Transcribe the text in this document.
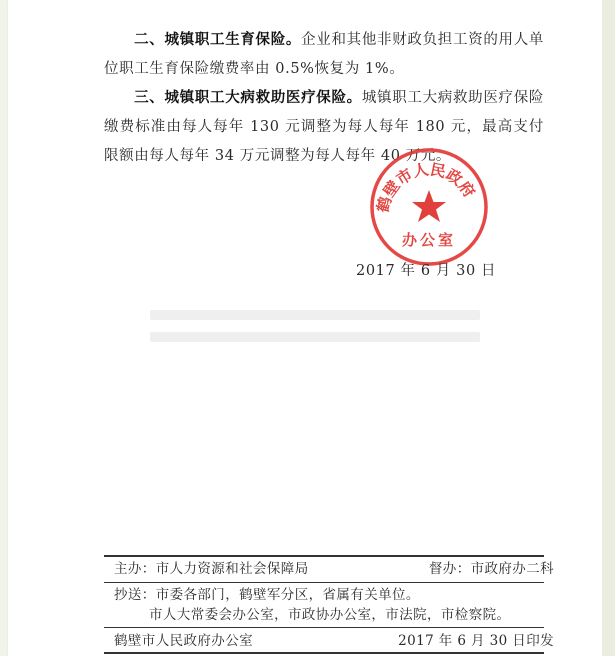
二、城镇职工生育保险。企业和其他非财政负担工资的用人单位职工生育保险缴费率由 0.5%恢复为 1%。
三、城镇职工大病救助医疗保险。城镇职工大病救助医疗保险缴费标准由每人每年 130 元调整为每人每年 180 元，最高支付限额由每人每年 34 万元调整为每人每年 40 万元。
鹤壁市人民政府
办公室
2017 年 6 月 30 日
主办：市人力资源和社会保障局	督办：市政府办二科
抄送：市委各部门，鹤壁军分区，省属有关单位。
市人大常委会办公室，市政协办公室，市法院，市检察院。
鹤壁市人民政府办公室	2017 年 6 月 30 日印发
